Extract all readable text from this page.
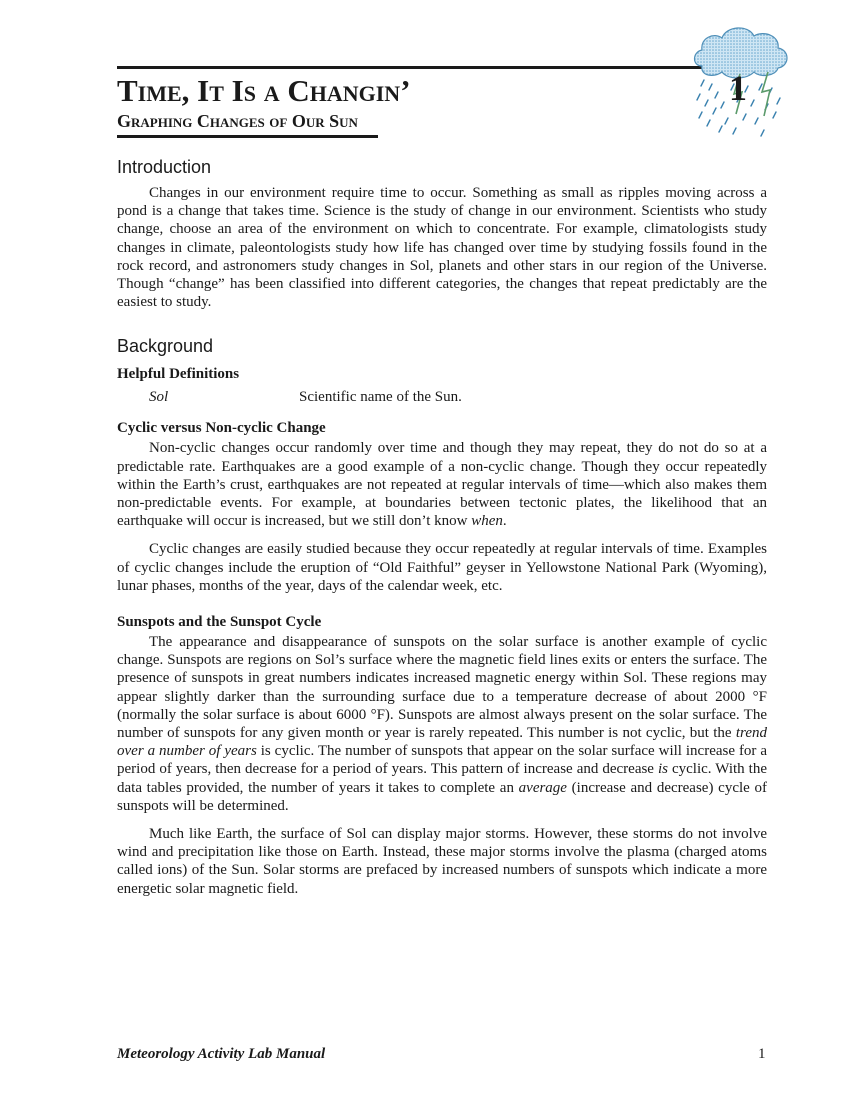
Time, It Is a Changin’
Graphing Changes of Our Sun
1
Introduction

Changes in our environment require time to occur. Something as small as ripples moving across a pond is a change that takes time. Science is the study of change in our environment. Scientists who study change, choose an area of the environment on which to concentrate. For example, climatologists study changes in climate, paleontologists study how life has changed over time by studying fossils found in the rock record, and astronomers study changes in Sol, planets and other stars in our region of the Universe. Though “change” has been classified into different categories, the changes that repeat predictably are the easiest to study.

Background
Helpful Definitions
Sol	Scientific name of the Sun.
Cyclic versus Non-cyclic Change

Non-cyclic changes occur randomly over time and though they may repeat, they do not do so at a predictable rate. Earthquakes are a good example of a non-cyclic change. Though they occur repeatedly within the Earth’s crust, earthquakes are not repeated at regular intervals of time—which also makes them non-predictable events. For example, at boundaries between tectonic plates, the likelihood that an earthquake will occur is increased, but we still don’t know when.

Cyclic changes are easily studied because they occur repeatedly at regular intervals of time. Examples of cyclic changes include the eruption of “Old Faithful” geyser in Yellowstone National Park (Wyoming), lunar phases, months of the year, days of the calendar week, etc.

Sunspots and the Sunspot Cycle

The appearance and disappearance of sunspots on the solar surface is another example of cyclic change. Sunspots are regions on Sol’s surface where the magnetic field lines exits or enters the surface. The presence of sunspots in great numbers indicates increased magnetic energy within Sol. These regions may appear slightly darker than the surrounding surface due to a temperature decrease of about 2000 °F (normally the solar surface is about 6000 °F). Sunspots are almost always present on the solar surface. The number of sunspots for any given month or year is rarely repeated. This number is not cyclic, but the trend over a number of years is cyclic. The number of sunspots that appear on the solar surface will increase for a period of years, then decrease for a period of years. This pattern of increase and decrease is cyclic. With the data tables provided, the number of years it takes to complete an average (increase and decrease) cycle of sunspots will be determined.

Much like Earth, the surface of Sol can display major storms. However, these storms do not involve wind and precipitation like those on Earth. Instead, these major storms involve the plasma (charged atoms called ions) of the Sun. Solar storms are prefaced by increased numbers of sunspots which indicate a more energetic solar magnetic field.

Meteorology Activity Lab Manual	1
